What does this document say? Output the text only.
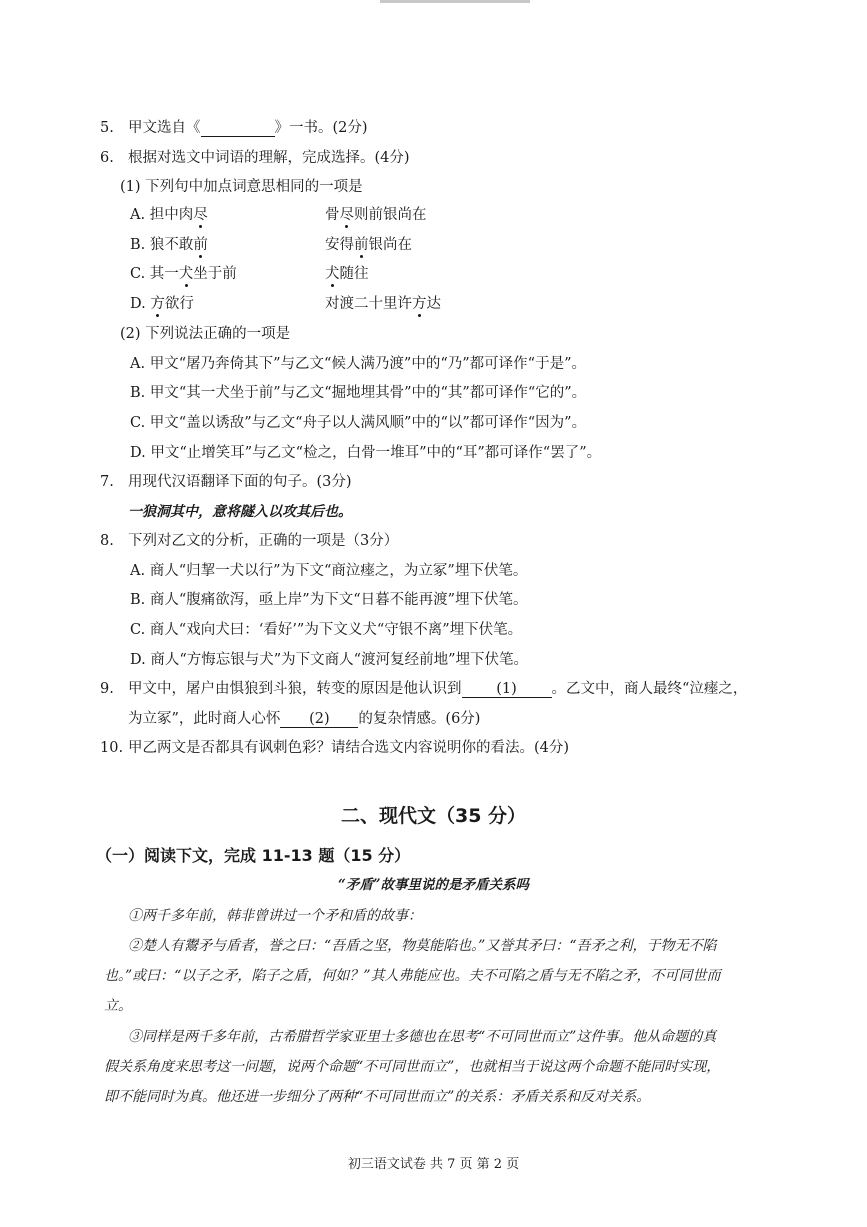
5. 甲文选自《	》一书。(2分)
6. 根据对选文中词语的理解，完成选择。(4分)
(1) 下列句中加点词意思相同的一项是
A. 担中肉尽	骨尽则前银尚在
B. 狼不敢前	安得前银尚在
C. 其一犬坐于前	犬随往
D. 方欲行	对渡二十里许方达
(2) 下列说法正确的一项是
A. 甲文“屠乃奔倚其下”与乙文“候人满乃渡”中的“乃”都可译作“于是”。
B. 甲文“其一犬坐于前”与乙文“掘地埋其骨”中的“其”都可译作“它的”。
C. 甲文“盖以诱敌”与乙文“舟子以人满风顺”中的“以”都可译作“因为”。
D. 甲文“止增笑耳”与乙文“检之，白骨一堆耳”中的“耳”都可译作“罢了”。
7. 用现代汉语翻译下面的句子。(3分)
一狼洞其中，意将隧入以攻其后也。
8. 下列对乙文的分析，正确的一项是（3分）
A. 商人“归挈一犬以行”为下文“商泣瘗之，为立冢”埋下伏笔。
B. 商人“腹痛欲泻，亟上岸”为下文“日暮不能再渡”埋下伏笔。
C. 商人“戏向犬曰：‘看好’”为下文义犬“守银不离”埋下伏笔。
D. 商人“方悔忘银与犬”为下文商人“渡河复经前地”埋下伏笔。
9. 甲文中，屠户由惧狼到斗狼，转变的原因是他认识到 (1) 。乙文中，商人最终“泣瘗之，
为立冢”，此时商人心怀 (2) 的复杂情感。(6分)
10. 甲乙两文是否都具有讽刺色彩？请结合选文内容说明你的看法。(4分)
二、现代文（35 分）
（一）阅读下文，完成 11-13 题（15 分）
“矛盾”故事里说的是矛盾关系吗
①两千多年前，韩非曾讲过一个矛和盾的故事：
②楚人有鬻矛与盾者，誉之曰：“吾盾之坚，物莫能陷也。”又誉其矛曰：“吾矛之利，于物无不陷
也。”或曰：“以子之矛，陷子之盾，何如？”其人弗能应也。夫不可陷之盾与无不陷之矛，不可同世而
立。
③同样是两千多年前，古希腊哲学家亚里士多德也在思考“不可同世而立”这件事。他从命题的真
假关系角度来思考这一问题，说两个命题“不可同世而立”，也就相当于说这两个命题不能同时实现，
即不能同时为真。他还进一步细分了两种“不可同世而立”的关系：矛盾关系和反对关系。
初三语文试卷 共 7 页 第 2 页
